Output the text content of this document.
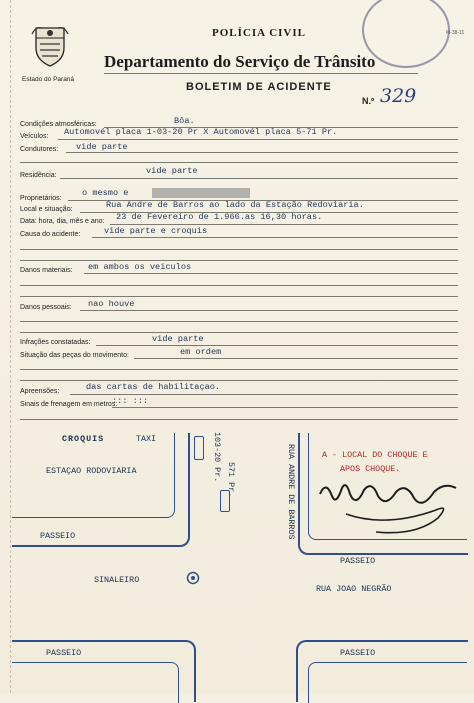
M-38-11
Estado do Paraná
POLÍCIA CIVIL
Departamento do Serviço de Trânsito
BOLETIM DE ACIDENTE
N.º 329
Condições atmosféricas:	Bôa.
Veículos: Automovél placa 1-03-20 Pr X Automovél placa 5-71 Pr.
Condutores: vide parte
Residência:	vide parte
Proprietários:
o mesmo e
Local e situação:	Rua Andre de Barros ao lado da Estação Redoviaria.
Data: hora, dia, mês e ano: 23 de Fevereiro de 1.966.as 16,30 horas.
Causa do acidente:	vide parte e croquis
Danos materiais: em ambos os veiculos
Danos pessoais: nao houve
Infrações constatadas:	vide parte
Situação das peças do movimento:	em ordem
Apreensões:	das cartas de habilitaçao.
Sinais de frenagem em metros:
::: :::
CROQUIS	TAXI
ESTAÇAO RODOVIARIA
PASSEIO
PASSEIO
A - LOCAL DO CHOQUE E
APOS CHOQUE.
103-20 Pr. 571 Pr.	RUA ANDRE DE BARROS
SINALEIRO
RUA JOAO NEGRÃO
PASSEIO	PASSEIO
